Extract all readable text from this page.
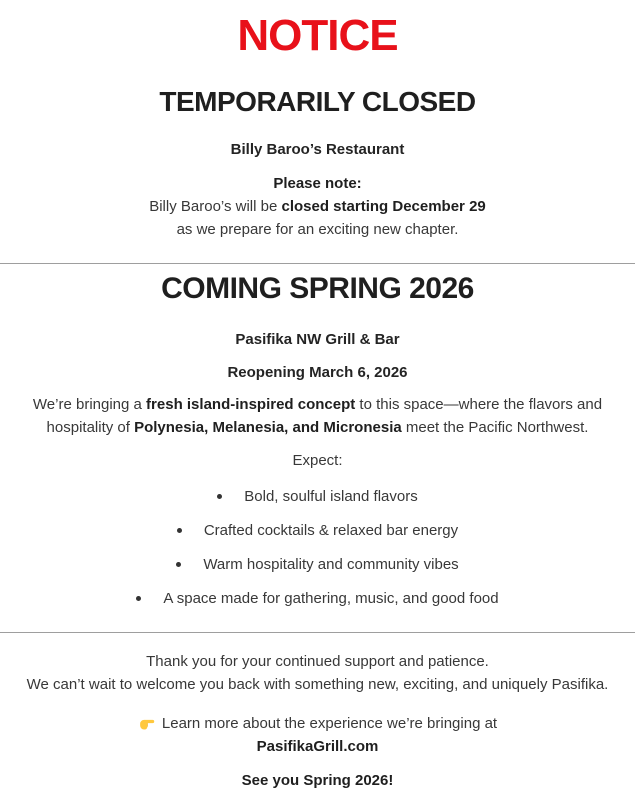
NOTICE
TEMPORARILY CLOSED
Billy Baroo’s Restaurant
Please note:
Billy Baroo’s will be closed starting December 29
as we prepare for an exciting new chapter.
COMING SPRING 2026
Pasifika NW Grill & Bar
Reopening March 6, 2026

We’re bringing a fresh island-inspired concept to this space—where the flavors and hospitality of Polynesia, Melanesia, and Micronesia meet the Pacific Northwest.

Expect:
Bold, soulful island flavors
Crafted cocktails & relaxed bar energy
Warm hospitality and community vibes
A space made for gathering, music, and good food
Thank you for your continued support and patience.
We can’t wait to welcome you back with something new, exciting, and uniquely Pasifika.
Learn more about the experience we’re bringing at
PasifikaGrill.com
See you Spring 2026!
